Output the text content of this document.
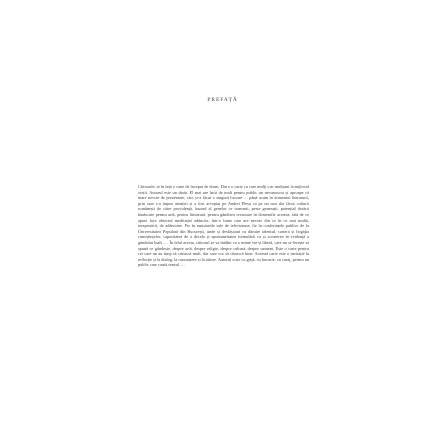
PREFAȚĂ

Cititorule, ai în față o carte de început de drum. Dar e o carte cu care mulți s-ar mulțumi la mijlocul vieții. Autorul este un tânăr. El mai are încă de mult pentru public un necunoscut și aproape că mare nevoie de prezentare, căci și-a făcut o singură lucrare … până acum în domeniul literaturii, prin care s-a impus atenției și a fost acceptat pe Andrei Pleșu ca pe un nou dar făcut culturii românești de către providență, hazard al genelor ce transmit, peste generații, potențial dotării înnăscute pentru artă, pentru literatură, pentru gândirea creatoare în domeniile acestea, iată de ce apare face obiectul meditației adâncite, într-o lume care are nevoie din ce în ce mai multă, terapeutică, de adâncime. Fie în emisiunile sale de televiziune, fie în conferințele publice de la Universitatea Populară din București, unde și desfășoară cu dăruire talentul, cariera și bogăția cunoștințelor, capacitatea de a decela și spontaneitatea formulării ca și scoaterea în evidență a gândului înalt ... . În felul acesta, cititorul se va întâlni cu o minte vie și liberă, care nu se ferește să spună ce gândește, despre artă, despre religie, despre cultură, despre oameni. Este o carte pentru cei care nu au timp să citească mult, dar care vor să citească bine. Această carte este o invitație la reflecție și la dialog, la cunoaștere și la iubire. Autorul scrie cu grijă, cu bucurie, cu curaj, pentru un public care caută sensul ... .
